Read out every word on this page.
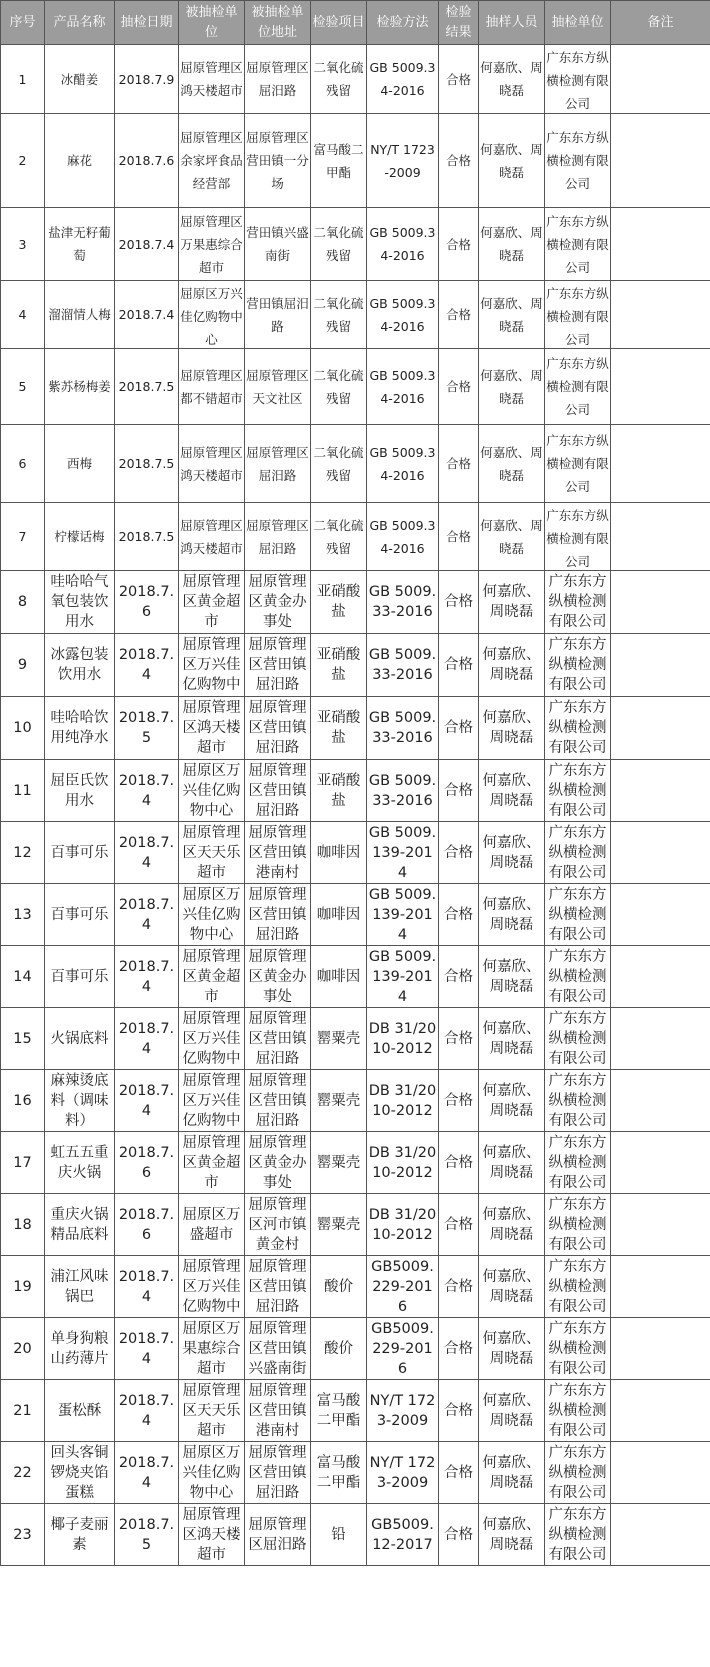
序号	产品名称	抽检日期	被抽检单位	被抽检单位地址	检验项目	检验方法	检验结果	抽样人员	抽检单位	备注

1	冰醋姜	2018.7.9	屈原管理区鸿天楼超市	屈原管理区屈汨路	二氧化硫残留	GB 5009.34-2016	合格	何嘉欣、周晓磊	广东东方纵横检测有限公司	

2	麻花	2018.7.6	屈原管理区余家坪食品经营部	屈原管理区营田镇一分场	富马酸二甲酯	NY/T 1723-2009	合格	何嘉欣、周晓磊	广东东方纵横检测有限公司	

3	盐津无籽葡萄	2018.7.4	屈原管理区万果惠综合超市	营田镇兴盛南街	二氧化硫残留	GB 5009.34-2016	合格	何嘉欣、周晓磊	广东东方纵横检测有限公司	

4	溜溜情人梅	2018.7.4	屈原区万兴佳亿购物中心	营田镇屈汨路	二氧化硫残留	GB 5009.34-2016	合格	何嘉欣、周晓磊	广东东方纵横检测有限公司	

5	紫苏杨梅姜	2018.7.5	屈原管理区都不错超市	屈原管理区天文社区	二氧化硫残留	GB 5009.34-2016	合格	何嘉欣、周晓磊	广东东方纵横检测有限公司	

6	西梅	2018.7.5	屈原管理区鸿天楼超市	屈原管理区屈汨路	二氧化硫残留	GB 5009.34-2016	合格	何嘉欣、周晓磊	广东东方纵横检测有限公司	

7	柠檬话梅	2018.7.5	屈原管理区鸿天楼超市	屈原管理区屈汨路	二氧化硫残留	GB 5009.34-2016	合格	何嘉欣、周晓磊	广东东方纵横检测有限公司	

8	哇哈哈气氧包装饮用水	2018.7.6	屈原管理区黄金超市	屈原管理区黄金办事处	亚硝酸盐	GB 5009.33-2016	合格	何嘉欣、周晓磊	广东东方纵横检测有限公司	

9	冰露包装饮用水	2018.7.4	屈原管理区万兴佳亿购物中	屈原管理区营田镇屈汨路	亚硝酸盐	GB 5009.33-2016	合格	何嘉欣、周晓磊	广东东方纵横检测有限公司	

10	哇哈哈饮用纯净水	2018.7.5	屈原管理区鸿天楼超市	屈原管理区营田镇屈汨路	亚硝酸盐	GB 5009.33-2016	合格	何嘉欣、周晓磊	广东东方纵横检测有限公司	

11	屈臣氏饮用水	2018.7.4	屈原区万兴佳亿购物中心	屈原管理区营田镇屈汨路	亚硝酸盐	GB 5009.33-2016	合格	何嘉欣、周晓磊	广东东方纵横检测有限公司	

12	百事可乐	2018.7.4	屈原管理区天天乐超市	屈原管理区营田镇港南村	咖啡因	GB 5009.139-2014	合格	何嘉欣、周晓磊	广东东方纵横检测有限公司	

13	百事可乐	2018.7.4	屈原区万兴佳亿购物中心	屈原管理区营田镇屈汨路	咖啡因	GB 5009.139-2014	合格	何嘉欣、周晓磊	广东东方纵横检测有限公司	

14	百事可乐	2018.7.4	屈原管理区黄金超市	屈原管理区黄金办事处	咖啡因	GB 5009.139-2014	合格	何嘉欣、周晓磊	广东东方纵横检测有限公司	

15	火锅底料	2018.7.4	屈原管理区万兴佳亿购物中	屈原管理区营田镇屈汨路	罂粟壳	DB 31/2010-2012	合格	何嘉欣、周晓磊	广东东方纵横检测有限公司	

16	麻辣烫底料（调味料）	2018.7.4	屈原管理区万兴佳亿购物中	屈原管理区营田镇屈汨路	罂粟壳	DB 31/2010-2012	合格	何嘉欣、周晓磊	广东东方纵横检测有限公司	

17	虹五五重庆火锅	2018.7.6	屈原管理区黄金超市	屈原管理区黄金办事处	罂粟壳	DB 31/2010-2012	合格	何嘉欣、周晓磊	广东东方纵横检测有限公司	

18	重庆火锅精品底料	2018.7.6	屈原区万盛超市	屈原管理区河市镇黄金村	罂粟壳	DB 31/2010-2012	合格	何嘉欣、周晓磊	广东东方纵横检测有限公司	

19	浦江风味锅巴	2018.7.4	屈原管理区万兴佳亿购物中	屈原管理区营田镇屈汨路	酸价	GB5009.229-2016	合格	何嘉欣、周晓磊	广东东方纵横检测有限公司	

20	单身狗粮山药薄片	2018.7.4	屈原区万果惠综合超市	屈原管理区营田镇兴盛南街	酸价	GB5009.229-2016	合格	何嘉欣、周晓磊	广东东方纵横检测有限公司	

21	蛋松酥	2018.7.4	屈原管理区天天乐超市	屈原管理区营田镇港南村	富马酸二甲酯	NY/T 1723-2009	合格	何嘉欣、周晓磊	广东东方纵横检测有限公司	

22	回头客铜锣烧夹馅蛋糕	2018.7.4	屈原区万兴佳亿购物中心	屈原管理区营田镇屈汨路	富马酸二甲酯	NY/T 1723-2009	合格	何嘉欣、周晓磊	广东东方纵横检测有限公司	

23	椰子麦丽素	2018.7.5	屈原管理区鸿天楼超市	屈原管理区屈汨路	铅	GB5009.12-2017	合格	何嘉欣、周晓磊	广东东方纵横检测有限公司	
